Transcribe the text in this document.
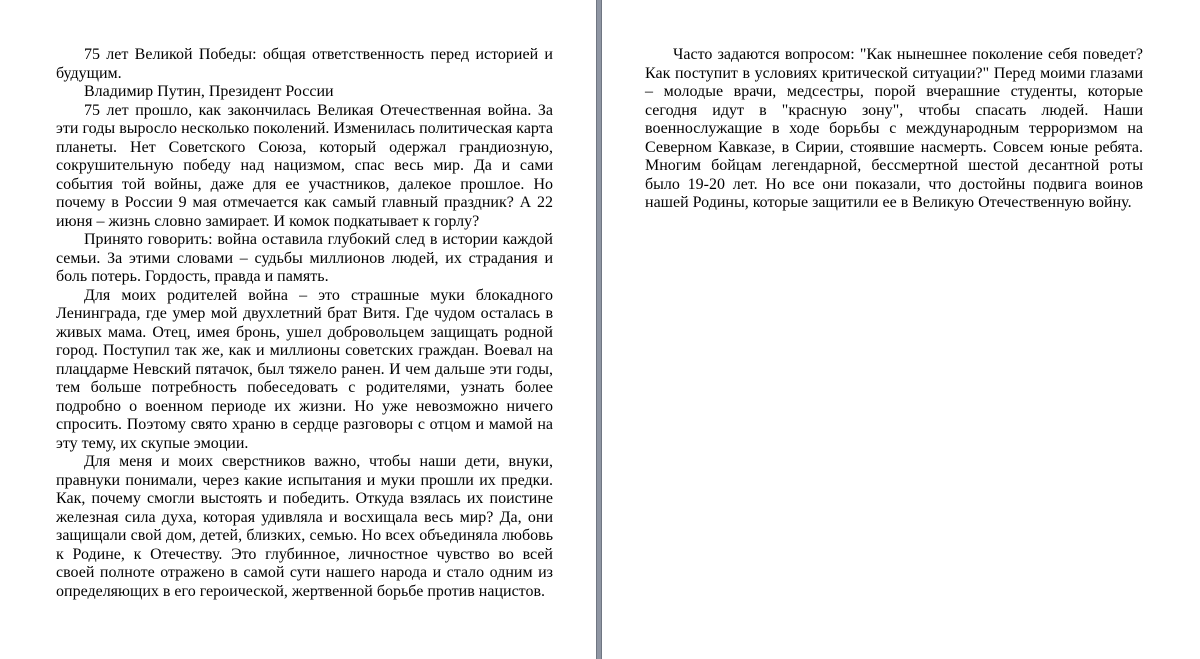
75 лет Великой Победы: общая ответственность перед историей и будущим.

Владимир Путин, Президент России

75 лет прошло, как закончилась Великая Отечественная война. За эти годы выросло несколько поколений. Изменилась политическая карта планеты. Нет Советского Союза, который одержал грандиозную, сокрушительную победу над нацизмом, спас весь мир. Да и сами события той войны, даже для ее участников, далекое прошлое. Но почему в России 9 мая отмечается как самый главный праздник? А 22 июня – жизнь словно замирает. И комок подкатывает к горлу?

Принято говорить: война оставила глубокий след в истории каждой семьи. За этими словами – судьбы миллионов людей, их страдания и боль потерь. Гордость, правда и память.

Для моих родителей война – это страшные муки блокадного Ленинграда, где умер мой двухлетний брат Витя. Где чудом осталась в живых мама. Отец, имея бронь, ушел добровольцем защищать родной город. Поступил так же, как и миллионы советских граждан. Воевал на плацдарме Невский пятачок, был тяжело ранен. И чем дальше эти годы, тем больше потребность побеседовать с родителями, узнать более подробно о военном периоде их жизни. Но уже невозможно ничего спросить. Поэтому свято храню в сердце разговоры с отцом и мамой на эту тему, их скупые эмоции.

Для меня и моих сверстников важно, чтобы наши дети, внуки, правнуки понимали, через какие испытания и муки прошли их предки. Как, почему смогли выстоять и победить. Откуда взялась их поистине железная сила духа, которая удивляла и восхищала весь мир? Да, они защищали свой дом, детей, близких, семью. Но всех объединяла любовь к Родине, к Отечеству. Это глубинное, личностное чувство во всей своей полноте отражено в самой сути нашего народа и стало одним из определяющих в его героической, жертвенной борьбе против нацистов.

Часто задаются вопросом: "Как нынешнее поколение себя поведет? Как поступит в условиях критической ситуации?" Перед моими глазами – молодые врачи, медсестры, порой вчерашние студенты, которые сегодня идут в "красную зону", чтобы спасать людей. Наши военнослужащие в ходе борьбы с международным терроризмом на Северном Кавказе, в Сирии, стоявшие насмерть. Совсем юные ребята. Многим бойцам легендарной, бессмертной шестой десантной роты было 19-20 лет. Но все они показали, что достойны подвига воинов нашей Родины, которые защитили ее в Великую Отечественную войну.
